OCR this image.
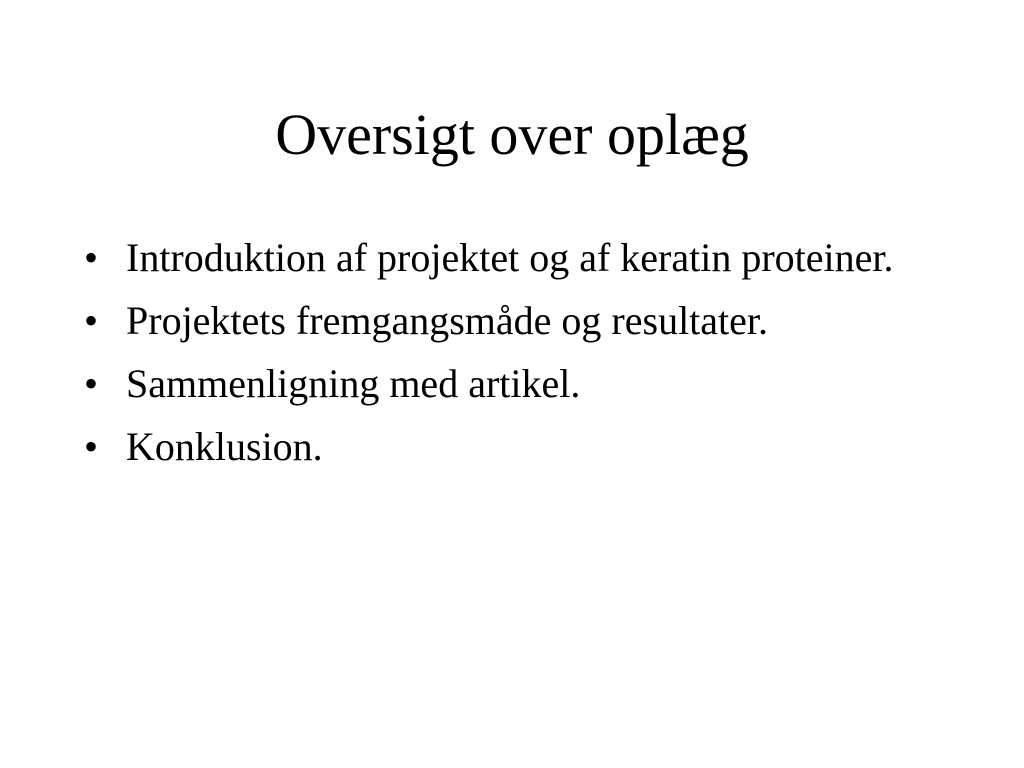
Oversigt over oplæg
• Introduktion af projektet og af keratin proteiner.
• Projektets fremgangsmåde og resultater.
• Sammenligning med artikel.
• Konklusion.
